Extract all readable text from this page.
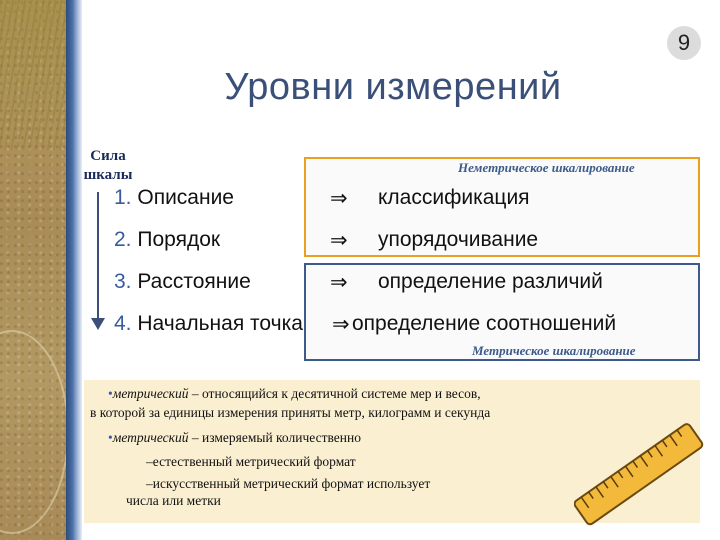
9
Уровни измерений
Сила
шкалы	Неметрическое шкалирование
Метрическое шкалирование
1. Описание	⇒ классификация
2. Порядок	⇒ упорядочивание
3. Расстояние	⇒ определение различий
4. Начальная точка ⇒ определение соотношений
•метрический – относящийся к десятичной системе мер и весов,
в которой за единицы измерения приняты метр, килограмм и секунда
•метрический – измеряемый количественно
–естественный метрический формат
–искусственный метрический формат использует
числа или метки
